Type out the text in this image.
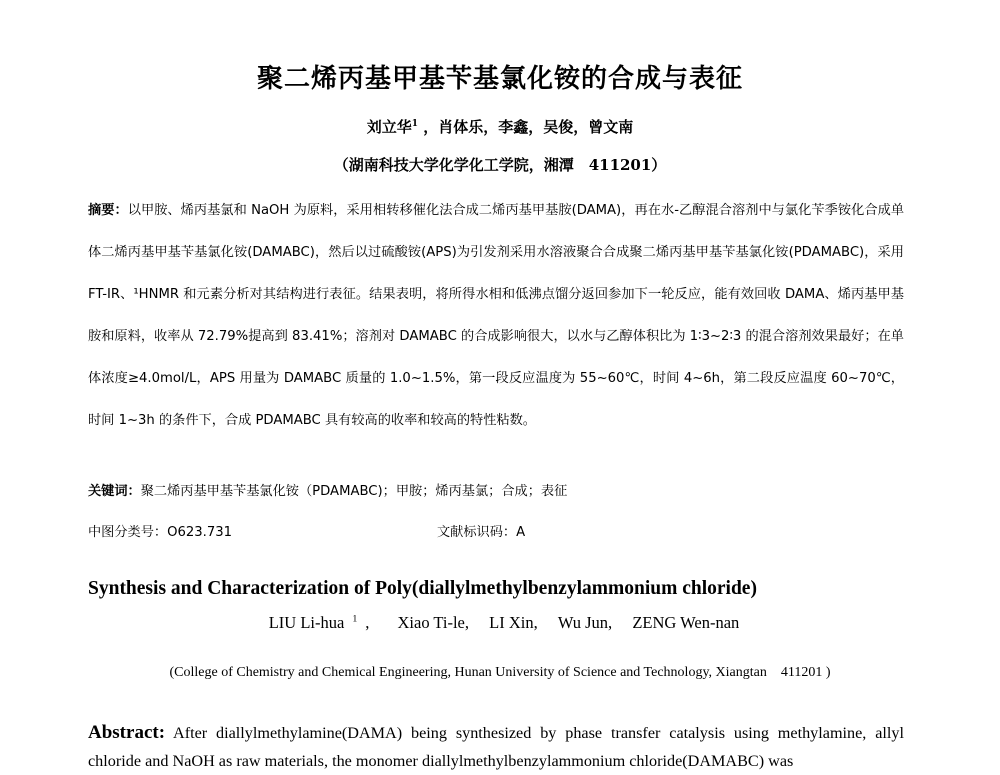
聚二烯丙基甲基苄基氯化铵的合成与表征
刘立华$^1$ ，肖体乐，李鑫，吴俊，曾文南
（湖南科技大学化学化工学院，湘潭　411201）
摘要：以甲胺、烯丙基氯和 NaOH 为原料，采用相转移催化法合成二烯丙基甲基胺(DAMA)，再在水-乙醇混合溶剂中与氯化苄季铵化合成单体二烯丙基甲基苄基氯化铵(DAMABC)，然后以过硫酸铵(APS)为引发剂采用水溶液聚合合成聚二烯丙基甲基苄基氯化铵(PDAMABC)，采用 FT-IR、¹HNMR 和元素分析对其结构进行表征。结果表明，将所得水相和低沸点馏分返回参加下一轮反应，能有效回收 DAMA、烯丙基甲基胺和原料，收率从 72.79%提高到 83.41%；溶剂对 DAMABC 的合成影响很大，以水与乙醇体积比为 1∶3~2∶3 的混合溶剂效果最好；在单体浓度≥4.0mol/L，APS 用量为 DAMABC 质量的 1.0~1.5%，第一段反应温度为 55~60℃，时间 4~6h，第二段反应温度 60~70℃，时间 1~3h 的条件下，合成 PDAMABC 具有较高的收率和较高的特性粘数。
关键词：聚二烯丙基甲基苄基氯化铵（PDAMABC)；甲胺；烯丙基氯；合成；表征
中图分类号：O623.731	文献标识码：A
Synthesis and Characterization of Poly(diallylmethylbenzylammonium chloride)
LIU Li-hua $^1$ , Xiao Ti-le, LI Xin, Wu Jun, ZENG Wen-nan
(College of Chemistry and Chemical Engineering, Hunan University of Science and Technology, Xiangtan　411201 )
Abstract: After diallylmethylamine(DAMA) being synthesized by phase transfer catalysis using methylamine, allyl chloride and NaOH as raw materials, the monomer diallylmethylbenzylammonium chloride(DAMABC) was
